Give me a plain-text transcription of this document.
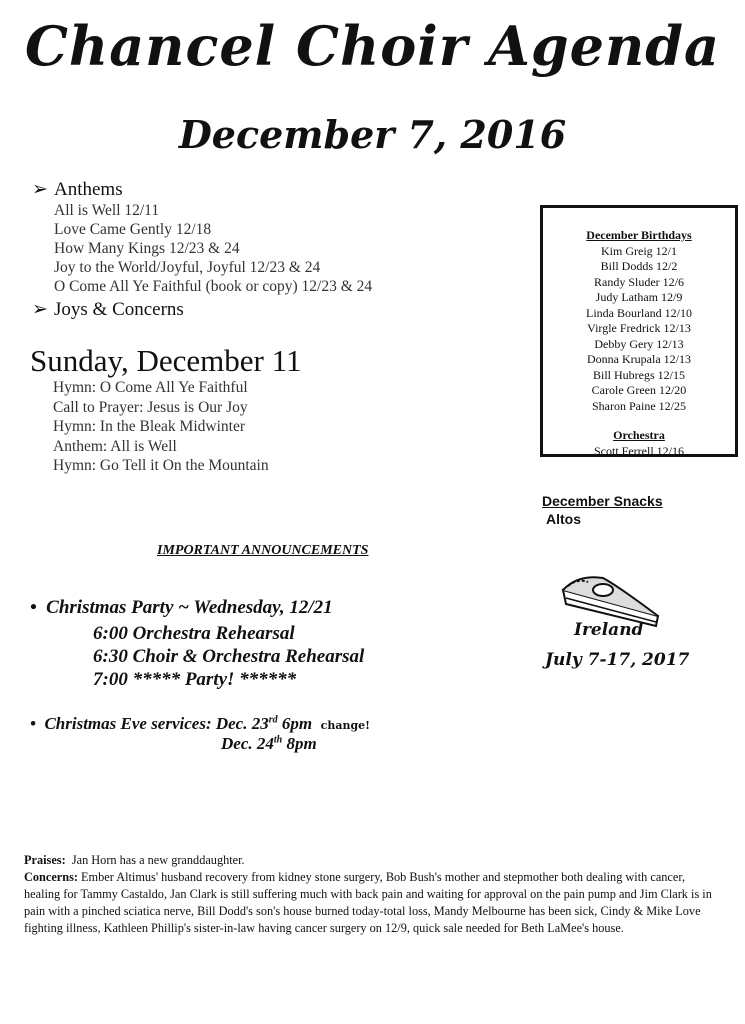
Chancel Choir Agenda
December 7, 2016
➢ Anthems
All is Well 12/11
Love Came Gently 12/18
How Many Kings 12/23 & 24
Joy to the World/Joyful, Joyful 12/23 & 24
O Come All Ye Faithful (book or copy) 12/23 & 24
➢ Joys & Concerns
Sunday, December 11
Hymn: O Come All Ye Faithful
Call to Prayer: Jesus is Our Joy
Hymn: In the Bleak Midwinter
Anthem: All is Well
Hymn: Go Tell it On the Mountain
December Birthdays
Kim Greig 12/1
Bill Dodds 12/2
Randy Sluder 12/6
Judy Latham 12/9
Linda Bourland 12/10
Virgle Fredrick 12/13
Debby Gery 12/13
Donna Krupala 12/13
Bill Hubregs 12/15
Carole Green 12/20
Sharon Paine 12/25
Orchestra
Scott Ferrell 12/16
December Snacks
Altos
Ireland
July 7-17, 2017
IMPORTANT ANNOUNCEMENTS
•  Christmas Party ~ Wednesday, 12/21
6:00 Orchestra Rehearsal
6:30 Choir & Orchestra Rehearsal
7:00 ***** Party! ******
•  Christmas Eve services: Dec. 23rd 6pm change!
Dec. 24th 8pm
Praises:  Jan Horn has a new granddaughter.
Concerns: Ember Altimus' husband recovery from kidney stone surgery, Bob Bush's mother and stepmother both dealing with cancer, healing for Tammy Castaldo, Jan Clark is still suffering much with back pain and waiting for approval on the pain pump and Jim Clark is in pain with a pinched sciatica nerve, Bill Dodd's son's house burned today-total loss, Mandy Melbourne has been sick, Cindy & Mike Love fighting illness, Kathleen Phillip's sister-in-law having cancer surgery on 12/9, quick sale needed for Beth LaMee's house.
